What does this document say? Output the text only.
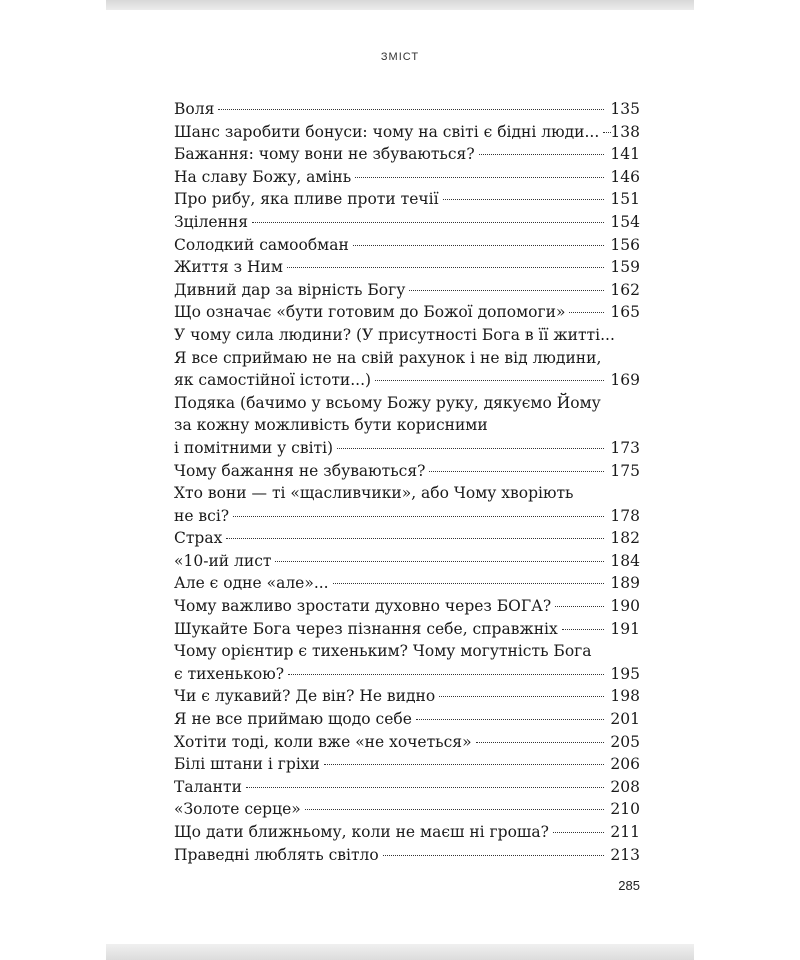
ЗМІСТ
Воля	135
Шанс заробити бонуси: чому на світі є бідні люди... 138
Бажання: чому вони не збуваються?	141
На славу Божу, амінь	146
Про рибу, яка пливе проти течії	151
Зцілення	154
Солодкий самообман	156
Життя з Ним	159
Дивний дар за вірність Богу	162
Що означає «бути готовим до Божої допомоги»	165
У чому сила людини? (У присутності Бога в її житті...
Я все сприймаю не на свій рахунок і не від людини,
як самостійної істоти...)	169
Подяка (бачимо у всьому Божу руку, дякуємо Йому
за кожну можливість бути корисними
і помітними у світі)	173
Чому бажання не збуваються?	175
Хто вони — ті «щасливчики», або Чому хворіють
не всі?	178
Страх	182
«10-ий лист	184
Але є одне «але»...	189
Чому важливо зростати духовно через БОГА?	190
Шукайте Бога через пізнання себе, справжніх	191
Чому орієнтир є тихеньким? Чому могутність Бога
є тихенькою?	195
Чи є лукавий? Де він? Не видно	198
Я не все приймаю щодо себе	201
Хотіти тоді, коли вже «не хочеться»	205
Білі штани і гріхи	206
Таланти	208
«Золоте серце»	210
Що дати ближньому, коли не маєш ні гроша?	211
Праведні люблять світло	213
285
